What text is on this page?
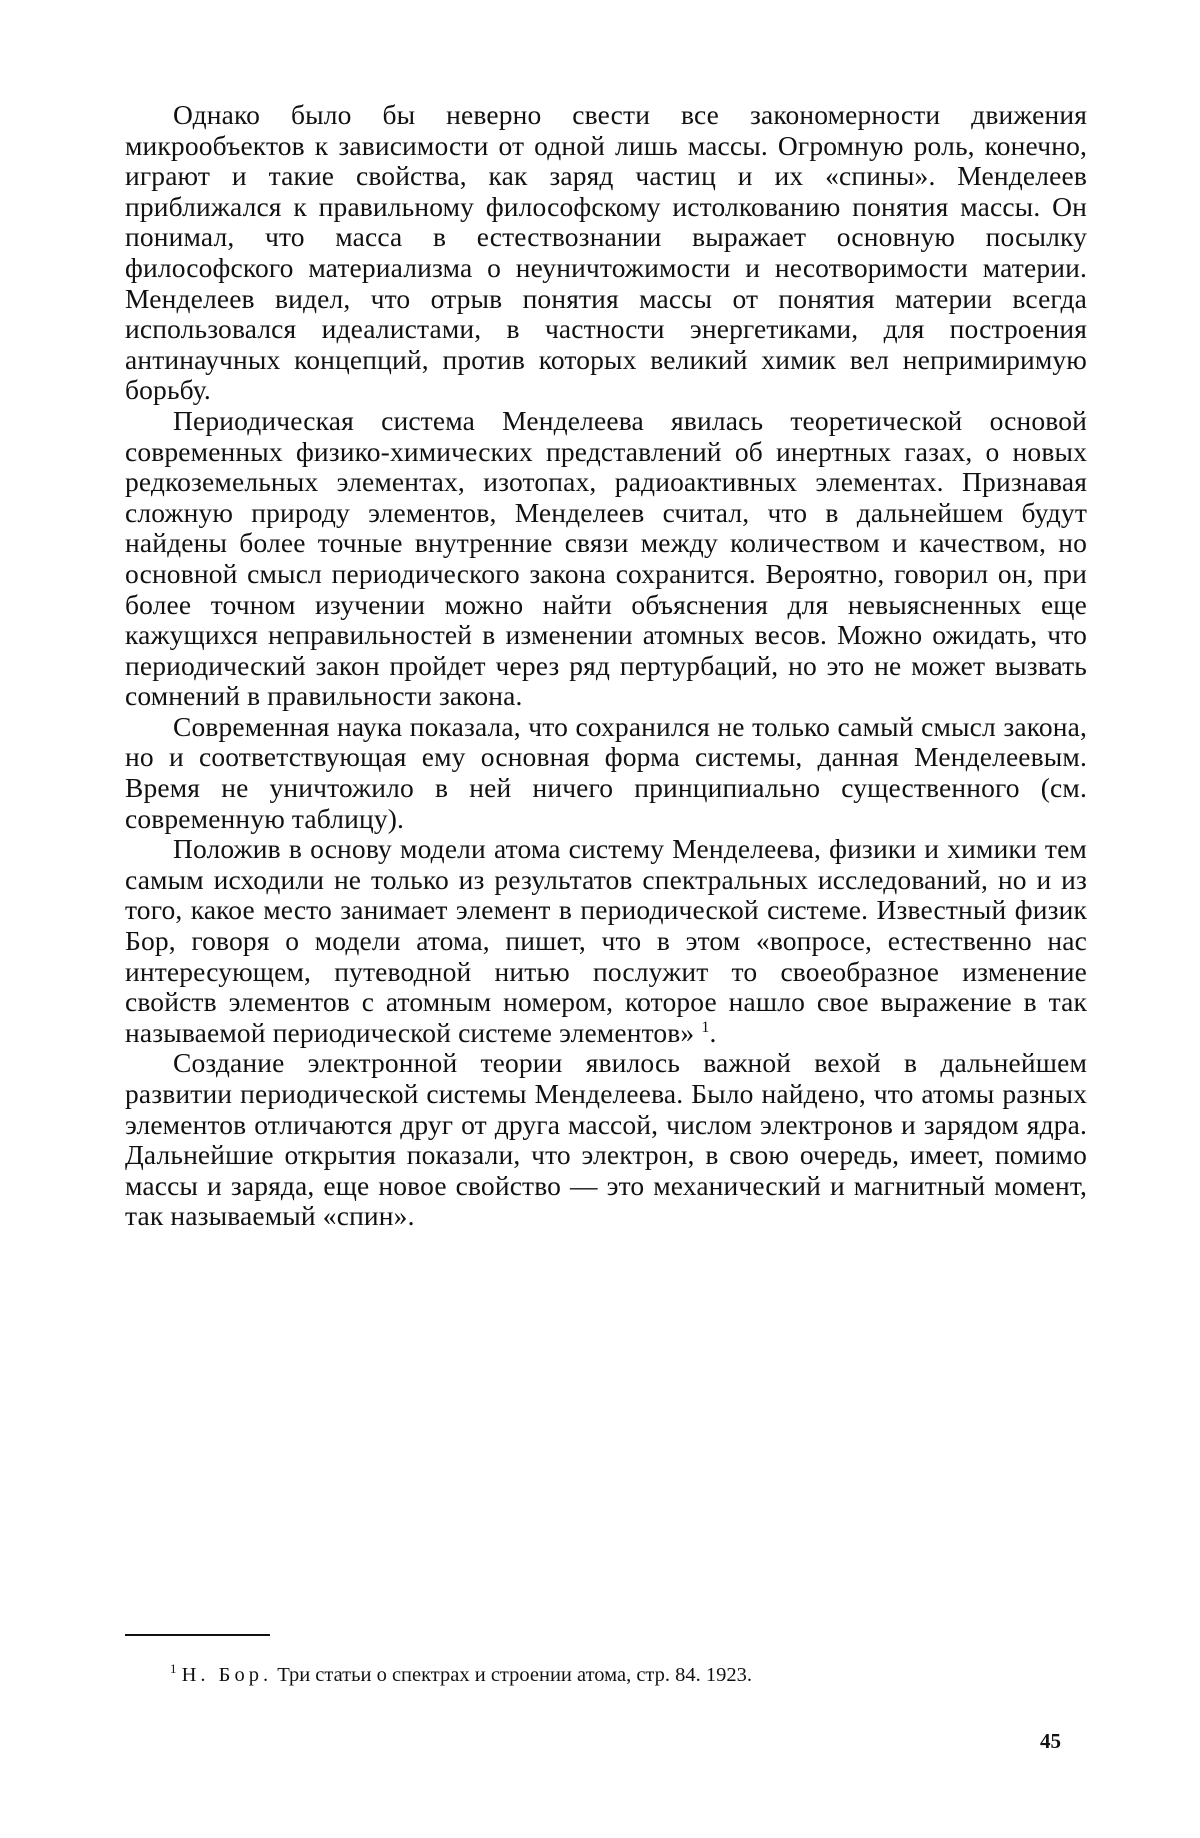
Однако было бы неверно свести все закономерности движения микрообъектов к зависимости от одной лишь массы. Огромную роль, конечно, играют и такие свойства, как заряд частиц и их «спины». Менделеев приближался к правильному философскому истолкованию понятия массы. Он понимал, что масса в естествознании выражает основную посылку философского материализма о неуничтожимости и несотворимости материи. Менделеев видел, что отрыв понятия массы от понятия материи всегда использовался идеалистами, в частности энергетиками, для построения антинаучных концепций, против которых великий химик вел непримиримую борьбу.

Периодическая система Менделеева явилась теоретической основой современных физико-химических представлений об инертных газах, о новых редкоземельных элементах, изотопах, радиоактивных элементах. Признавая сложную природу элементов, Менделеев считал, что в дальнейшем будут найдены более точные внутренние связи между количеством и качеством, но основной смысл периодического закона сохранится. Вероятно, говорил он, при более точном изучении можно найти объяснения для невыясненных еще кажущихся неправильностей в изменении атомных весов. Можно ожидать, что периодический закон пройдет через ряд пертурбаций, но это не может вызвать сомнений в правильности закона.

Современная наука показала, что сохранился не только самый смысл закона, но и соответствующая ему основная форма системы, данная Менделеевым. Время не уничтожило в ней ничего принципиально существенного (см. современную таблицу).

Положив в основу модели атома систему Менделеева, физики и химики тем самым исходили не только из результатов спектральных исследований, но и из того, какое место занимает элемент в периодической системе. Известный физик Бор, говоря о модели атома, пишет, что в этом «вопросе, естественно нас интересующем, путеводной нитью послужит то своеобразное изменение свойств элементов с атомным номером, которое нашло свое выражение в так называемой периодической системе элементов» $^1$.

Создание электронной теории явилось важной вехой в дальнейшем развитии периодической системы Менделеева. Было найдено, что атомы разных элементов отличаются друг от друга массой, числом электронов и зарядом ядра. Дальнейшие открытия показали, что электрон, в свою очередь, имеет, помимо массы и заряда, еще новое свойство — это механический и магнитный момент, так называемый «спин».

$^1$ Н. Бор. Три статьи о спектрах и строении атома, стр. 84. 1923.
45
